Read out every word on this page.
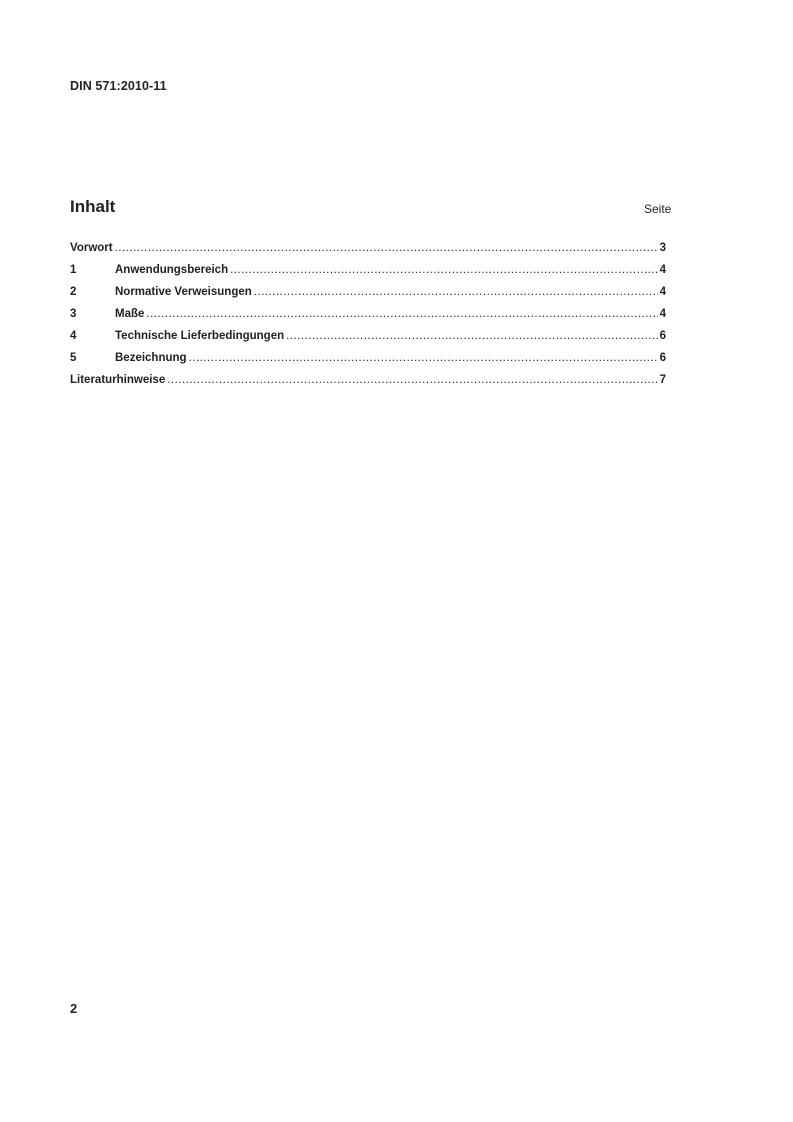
DIN 571:2010-11
Inhalt	Seite
Vorwort .....	3
1	Anwendungsbereich .....	4
2	Normative Verweisungen .....	4
3	Maße .....	4
4	Technische Lieferbedingungen .....	6
5	Bezeichnung .....	6
Literaturhinweise .....	7
2
